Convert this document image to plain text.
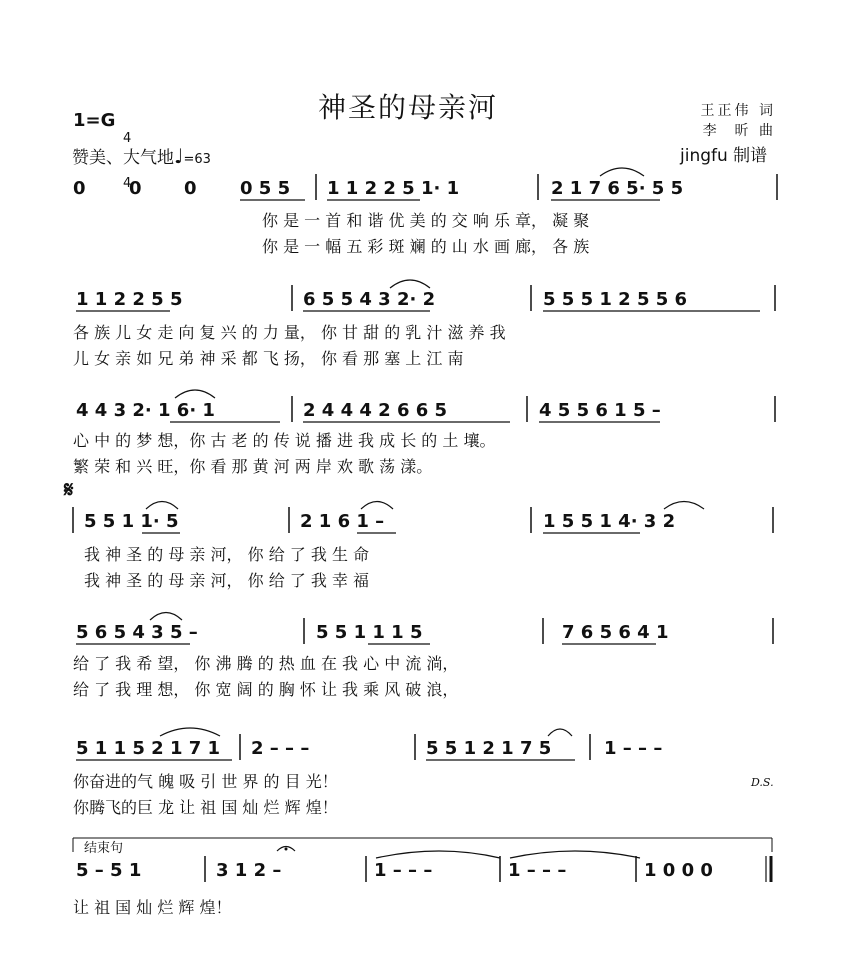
神圣的母亲河
1=G

4

4

赞美、大气地♩=63
王正伟 词
李  昕 曲
jingfu 制谱
0 0 0 0 5 5 1 1 2 2 5 1· 1	2 1 7 6 5· 5 5
你 是 一 首 和 谐 优 美 的 交 响 乐 章， 凝 聚
你 是 一 幅 五 彩 斑 斓 的 山 水 画 廊， 各 族
1 1 2 2 5 5	6 5 5 4 3 2· 2	5 5 5 1 2 5 5 6
各 族 儿 女 走 向 复 兴 的 力 量， 你 甘 甜 的 乳 汁 滋 养 我
儿 女 亲 如 兄 弟 神 采 都 飞 扬， 你 看 那 塞 上 江 南
4 4 3 2· 1 6· 1	2 4 4 4 2 6 6 5	4 5 5 6 1 5 –
心 中 的 梦 想，你 古 老 的 传 说 播 进 我 成 长 的 土 壤。
繁 荣 和 兴 旺，你 看 那 黄 河 两 岸 欢 歌 荡 漾。
𝄋
5 5 1 1· 5	2 1 6 1 –	1 5 5 1 4· 3 2
我 神 圣 的 母 亲 河， 你 给 了 我 生 命
我 神 圣 的 母 亲 河， 你 给 了 我 幸 福
5 6 5 4 3 5 –	5 5 1 1 1 5	7 6 5 6 4 1
给 了 我 希 望， 你 沸 腾 的 热 血 在 我 心 中 流 淌，
给 了 我 理 想， 你 宽 阔 的 胸 怀 让 我 乘 风 破 浪，
5 1 1 5 2 1 7 1 2 – – –	5 5 1 2 1 7 5	1 – – –
你奋进的气 魄 吸 引 世 界 的 目 光！
你腾飞的巨 龙 让 祖 国 灿 烂 辉 煌！
D.S.
结束句
5 – 5 1	3 1 2 –	1 – – –	1 – – –	1 0 0 0
让 祖 国 灿 烂 辉 煌！
